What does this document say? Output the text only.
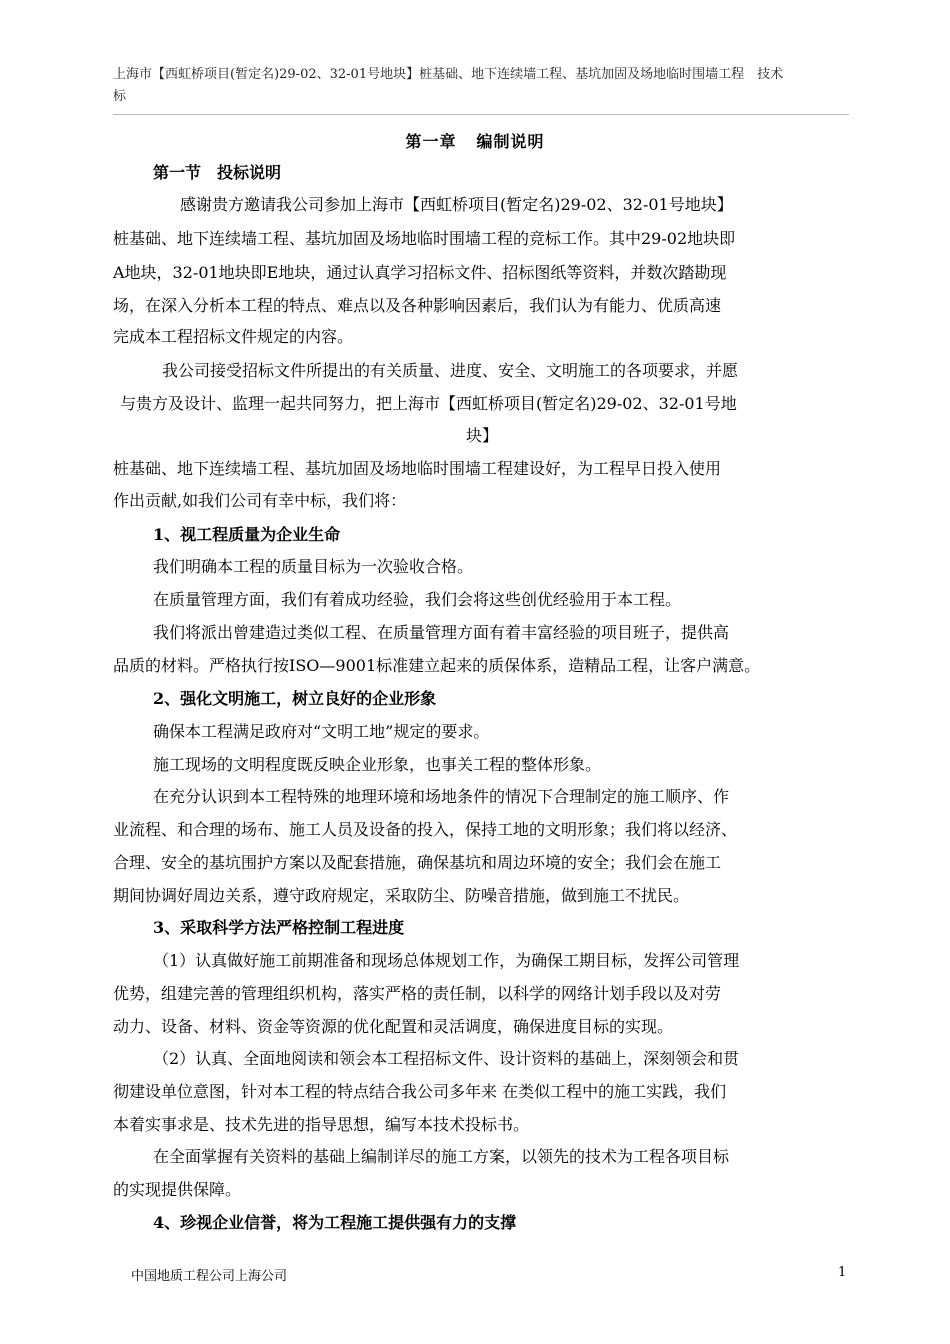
上海市【西虹桥项目(暂定名)29-02、32-01号地块】桩基础、地下连续墙工程、基坑加固及场地临时围墙工程　技术
标
第一章 编制说明
第一节　 投标说明
感谢贵方邀请我公司参加上海市【西虹桥项目(暂定名)29-02、32-01号地块】
桩基础、地下连续墙工程、基坑加固及场地临时围墙工程的竞标工作。其中29-02地块即
A地块，32-01地块即E地块，通过认真学习招标文件、招标图纸等资料，并数次踏勘现
场，在深入分析本工程的特点、难点以及各种影响因素后，我们认为有能力、优质高速
完成本工程招标文件规定的内容。
我公司接受招标文件所提出的有关质量、进度、安全、文明施工的各项要求，并愿
与贵方及设计、监理一起共同努力，把上海市【西虹桥项目(暂定名)29-02、32-01号地
块】
桩基础、地下连续墙工程、基坑加固及场地临时围墙工程建设好，为工程早日投入使用
作出贡献,如我们公司有幸中标，我们将：
1、视工程质量为企业生命
我们明确本工程的质量目标为一次验收合格。
在质量管理方面，我们有着成功经验，我们会将这些创优经验用于本工程。
我们将派出曾建造过类似工程、在质量管理方面有着丰富经验的项目班子，提供高
品质的材料。严格执行按ISO—9001标准建立起来的质保体系，造精品工程，让客户满意。
2、强化文明施工，树立良好的企业形象
确保本工程满足政府对“文明工地”规定的要求。
施工现场的文明程度既反映企业形象，也事关工程的整体形象。
在充分认识到本工程特殊的地理环境和场地条件的情况下合理制定的施工顺序、作
业流程、和合理的场布、施工人员及设备的投入，保持工地的文明形象；我们将以经济、
合理、安全的基坑围护方案以及配套措施，确保基坑和周边环境的安全；我们会在施工
期间协调好周边关系，遵守政府规定，采取防尘、防噪音措施，做到施工不扰民。
3、采取科学方法严格控制工程进度
（1）认真做好施工前期准备和现场总体规划工作，为确保工期目标，发挥公司管理
优势，组建完善的管理组织机构，落实严格的责任制，以科学的网络计划手段以及对劳
动力、设备、材料、资金等资源的优化配置和灵活调度，确保进度目标的实现。
（2）认真、全面地阅读和领会本工程招标文件、设计资料的基础上，深刻领会和贯
彻建设单位意图，针对本工程的特点结合我公司多年来 在类似工程中的施工实践，我们
本着实事求是、技术先进的指导思想，编写本技术投标书。
在全面掌握有关资料的基础上编制详尽的施工方案，以领先的技术为工程各项目标
的实现提供保障。
4、珍视企业信誉，将为工程施工提供强有力的支撑
中国地质工程公司上海公司	1
